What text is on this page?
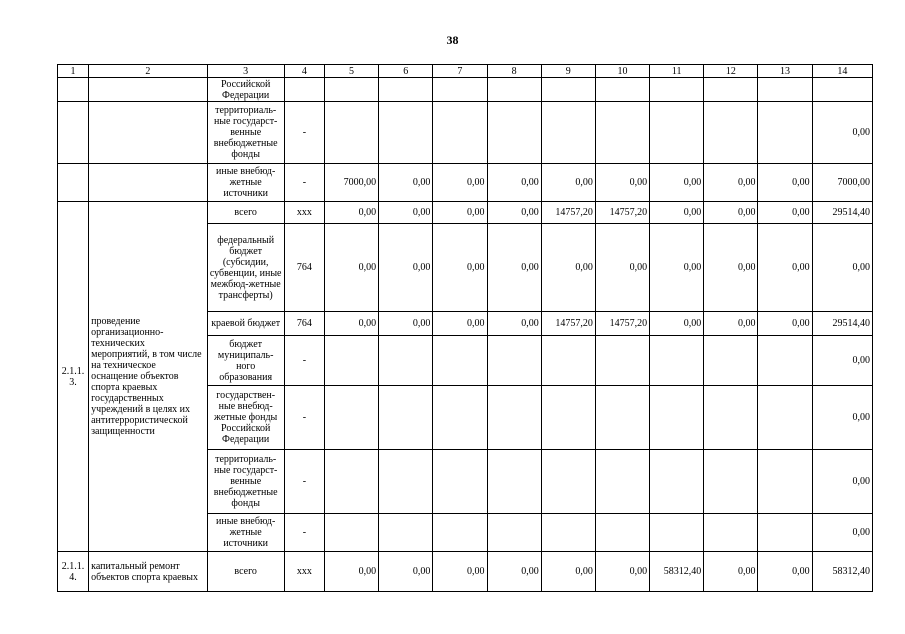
38
1	2	3	4	5	6	7	8	9	10	11	12	13	14
		Российской Федерации											
		территориаль-ные государст-венные внебюджетные фонды	-										0,00
		иные внебюд-жетные источники	-	7000,00	0,00	0,00	0,00	0,00	0,00	0,00	0,00	0,00	7000,00
2.1.1. 3.	проведение организационно-технических мероприятий, в том числе на техническое оснащение объектов спорта краевых государственных учреждений в целях их антитеррористической защищенности	всего	ххх	0,00	0,00	0,00	0,00	14757,20	14757,20	0,00	0,00	0,00	29514,40
		федеральный бюджет (субсидии, субвенции, иные межбюд-жетные трансферты)	764	0,00	0,00	0,00	0,00	0,00	0,00	0,00	0,00	0,00	0,00
		краевой бюджет	764	0,00	0,00	0,00	0,00	14757,20	14757,20	0,00	0,00	0,00	29514,40
		бюджет муниципаль-ного образования	-										0,00
		государствен-ные внебюд-жетные фонды Российской Федерации	-										0,00
		территориаль-ные государст-венные внебюджетные фонды	-										0,00
		иные внебюд-жетные источники	-										0,00
2.1.1. 4.	капитальный ремонт объектов спорта краевых	всего	ххх	0,00	0,00	0,00	0,00	0,00	0,00	58312,40	0,00	0,00	58312,40
